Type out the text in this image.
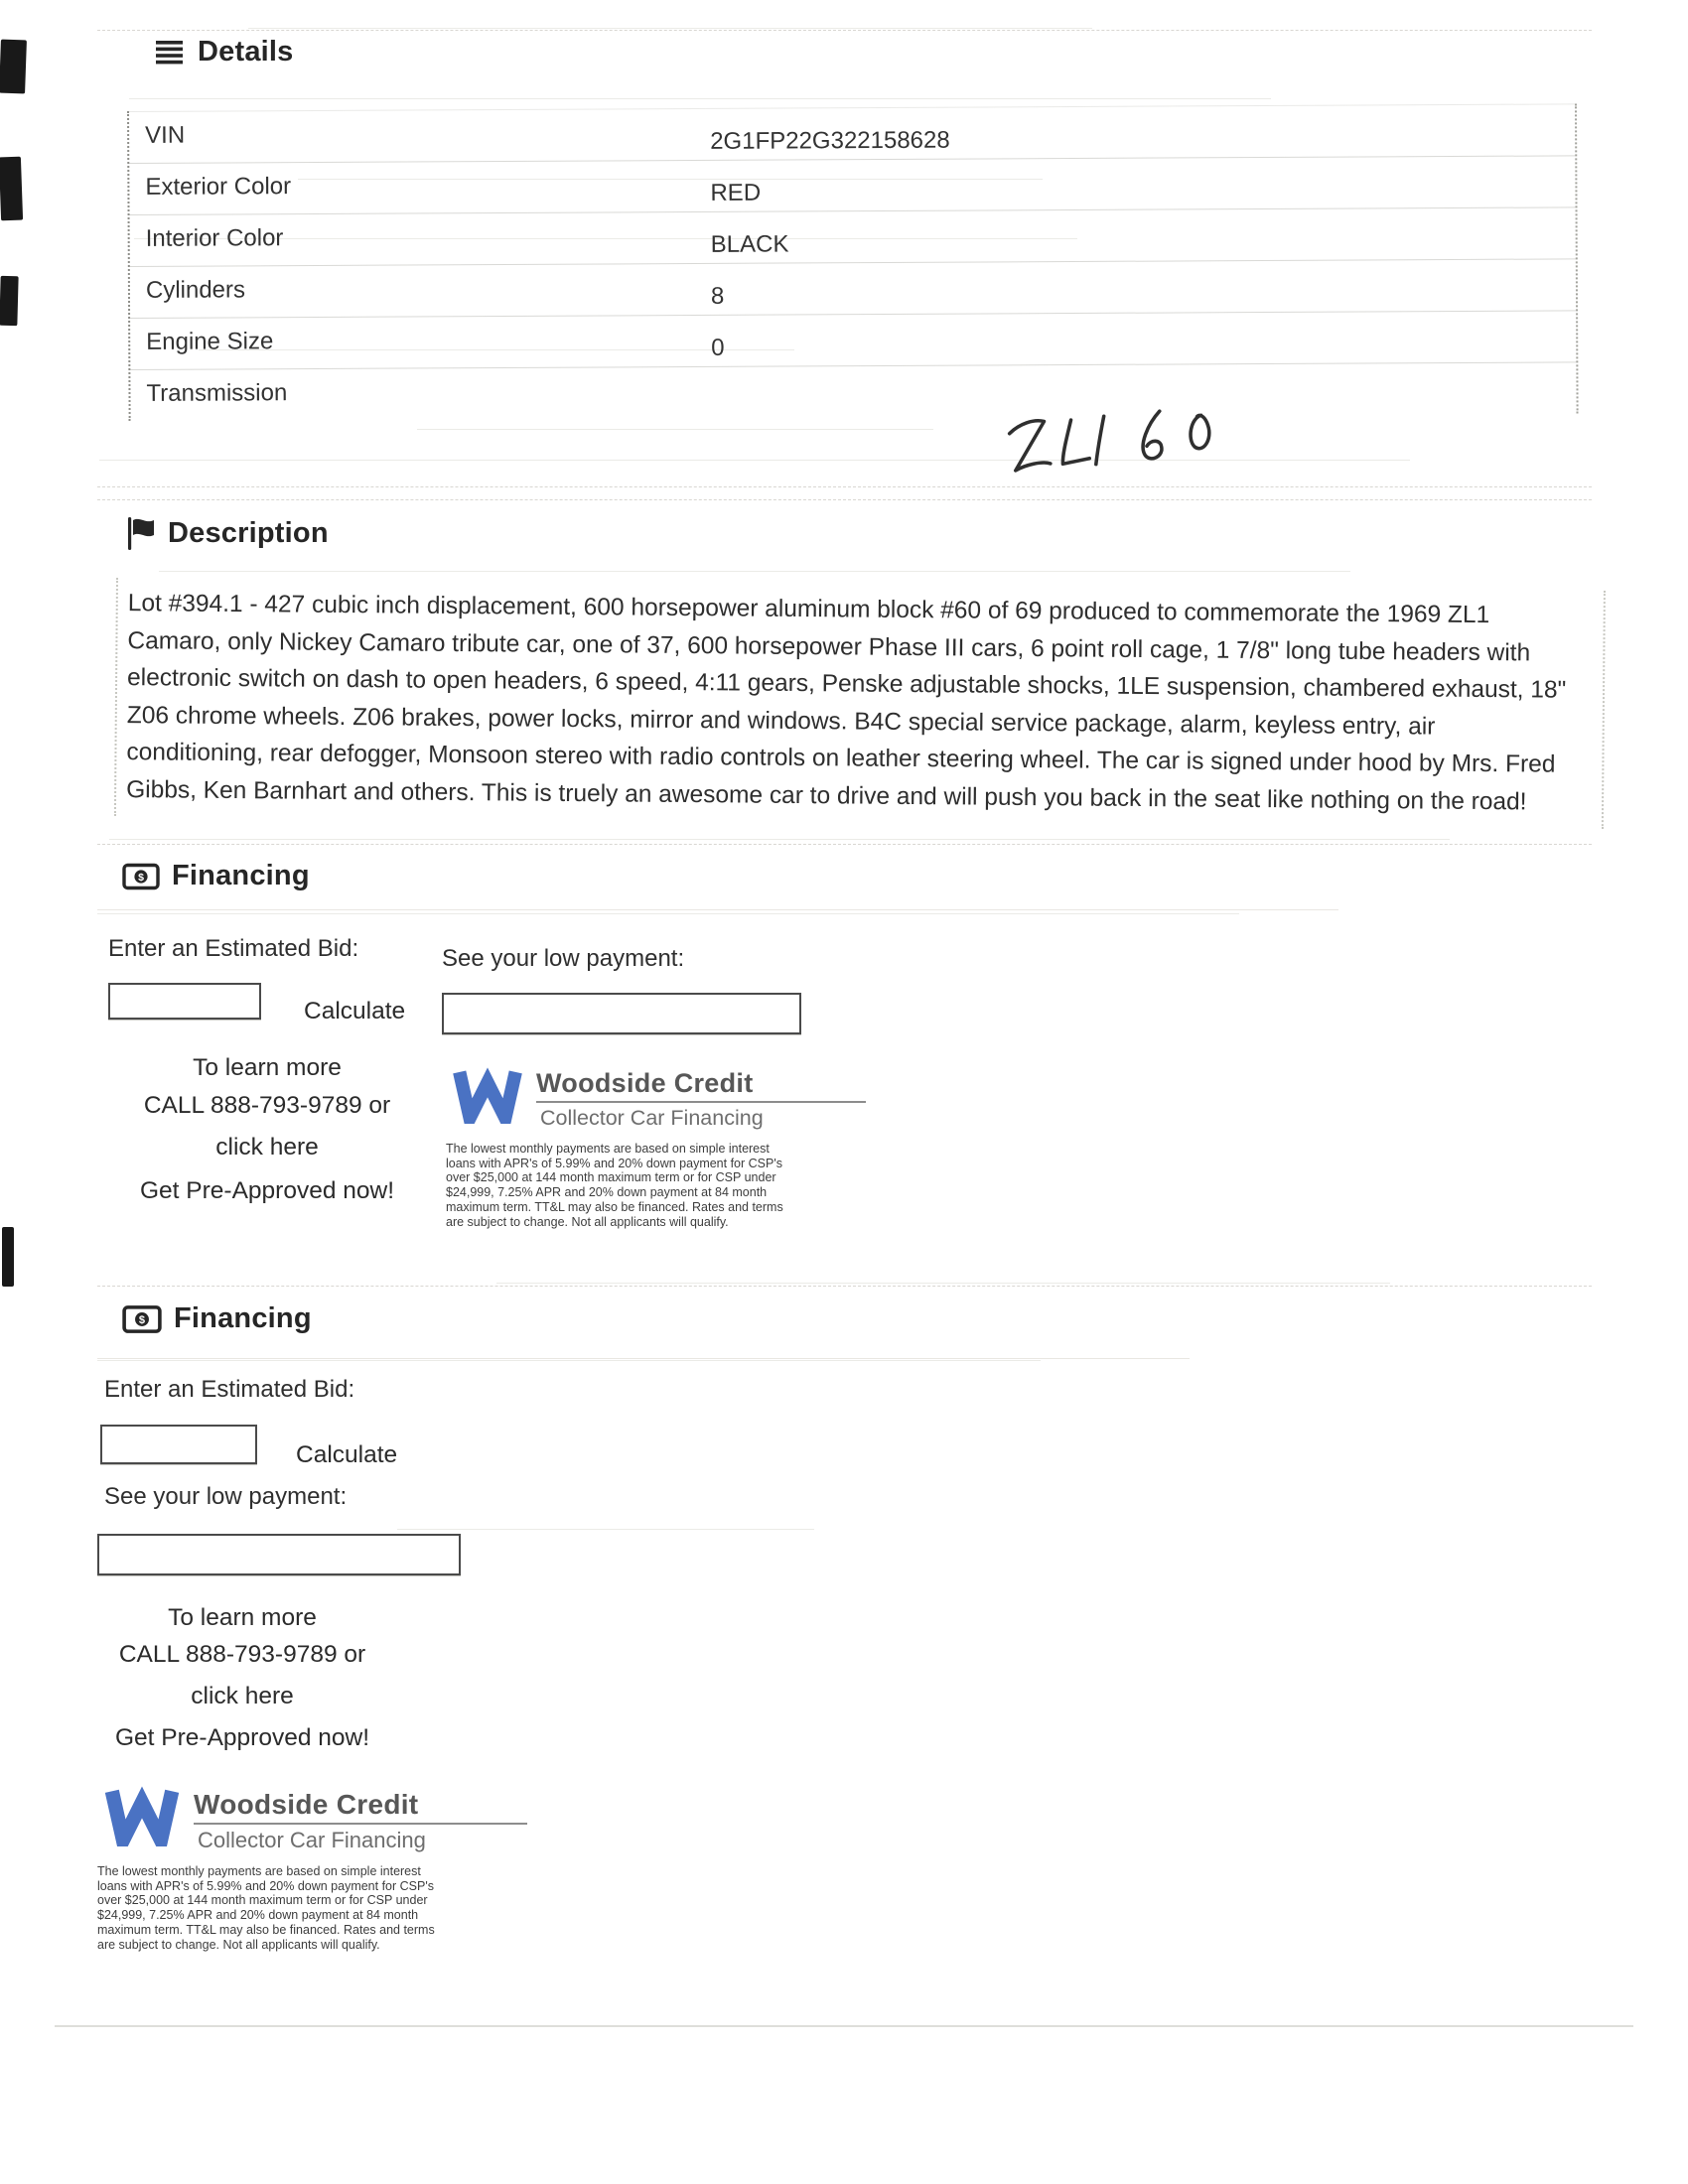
Details
VIN	2G1FP22G322158628
Exterior Color	RED
Interior Color	BLACK
Cylinders	8
Engine Size	0
Transmission
Description
Lot #394.1 - 427 cubic inch displacement, 600 horsepower aluminum block #60 of 69 produced to commemorate the 1969 ZL1
Camaro, only Nickey Camaro tribute car, one of 37, 600 horsepower Phase III cars, 6 point roll cage, 1 7/8" long tube headers with
electronic switch on dash to open headers, 6 speed, 4:11 gears, Penske adjustable shocks, 1LE suspension, chambered exhaust, 18"
Z06 chrome wheels. Z06 brakes, power locks, mirror and windows. B4C special service package, alarm, keyless entry, air
conditioning, rear defogger, Monsoon stereo with radio controls on leather steering wheel. The car is signed under hood by Mrs. Fred
Gibbs, Ken Barnhart and others. This is truely an awesome car to drive and will push you back in the seat like nothing on the road!
$ Financing
Enter an Estimated Bid:	See your low payment:
Calculate
To learn more
CALL 888-793-9789 or
click here
Get Pre-Approved now!
Woodside Credit
Collector Car Financing
The lowest monthly payments are based on simple interest
loans with APR's of 5.99% and 20% down payment for CSP's
over $25,000 at 144 month maximum term or for CSP under
$24,999, 7.25% APR and 20% down payment at 84 month
maximum term. TT&L may also be financed. Rates and terms
are subject to change. Not all applicants will qualify.
$ Financing
Enter an Estimated Bid:
Calculate
See your low payment:
To learn more
CALL 888-793-9789 or
click here
Get Pre-Approved now!
Woodside Credit
Collector Car Financing
The lowest monthly payments are based on simple interest
loans with APR's of 5.99% and 20% down payment for CSP's
over $25,000 at 144 month maximum term or for CSP under
$24,999, 7.25% APR and 20% down payment at 84 month
maximum term. TT&L may also be financed. Rates and terms
are subject to change. Not all applicants will qualify.
